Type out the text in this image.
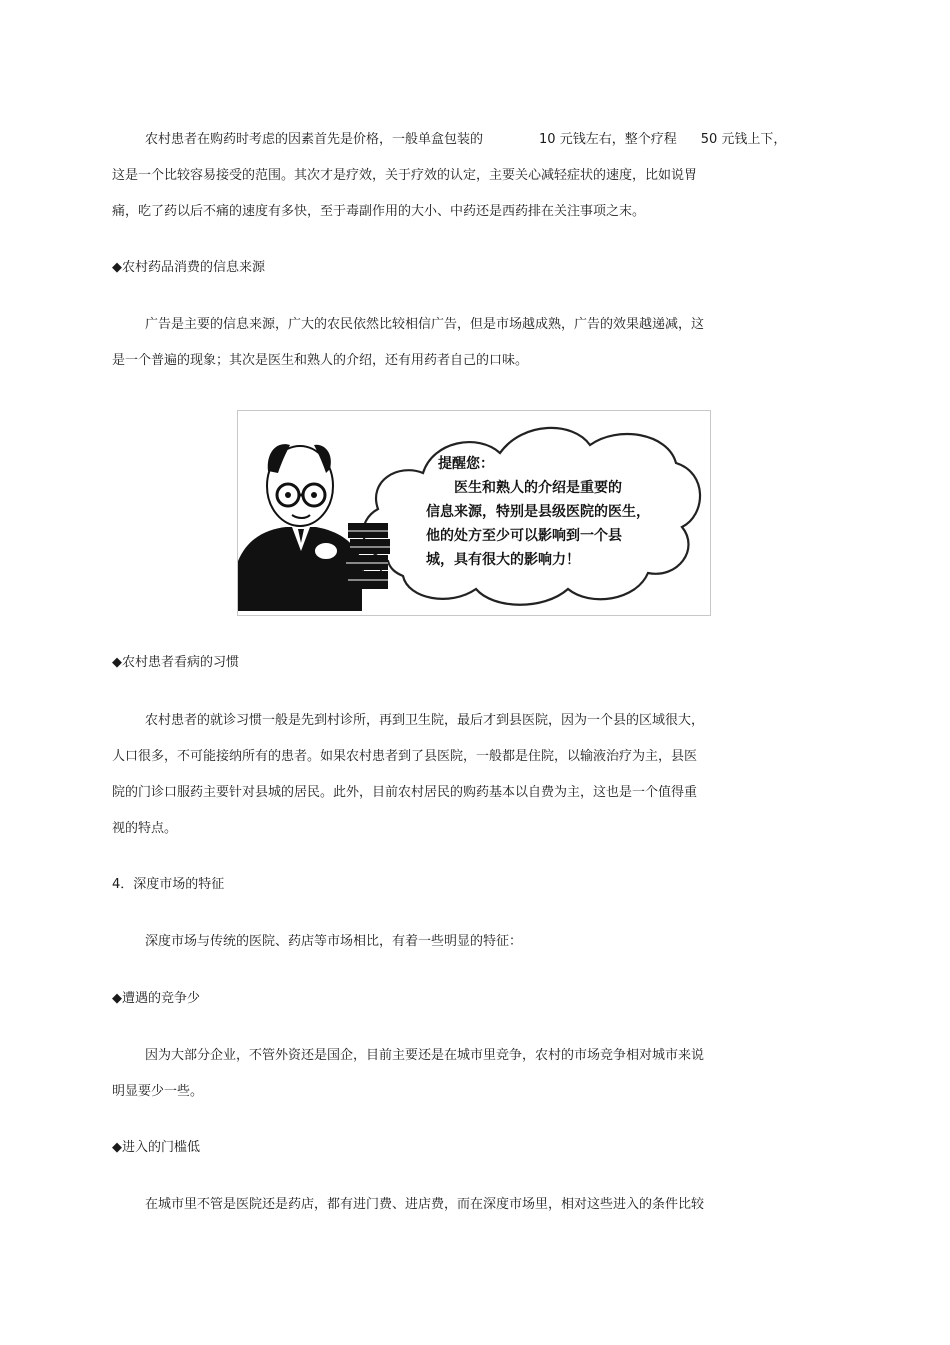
农村患者在购药时考虑的因素首先是价格，一般单盒包装的	10 元钱左右，整个疗程 50 元钱上下，
这是一个比较容易接受的范围。其次才是疗效，关于疗效的认定，主要关心减轻症状的速度，比如说胃
痛，吃了药以后不痛的速度有多快，至于毒副作用的大小、中药还是西药排在关注事项之末。
◆农村药品消费的信息来源
广告是主要的信息来源，广大的农民依然比较相信广告，但是市场越成熟，广告的效果越递减，这
是一个普遍的现象；其次是医生和熟人的介绍，还有用药者自己的口味。
提醒您：
医生和熟人的介绍是重要的
信息来源，特别是县级医院的医生，
他的处方至少可以影响到一个县
城，具有很大的影响力！
◆农村患者看病的习惯
农村患者的就诊习惯一般是先到村诊所，再到卫生院，最后才到县医院，因为一个县的区域很大，
人口很多，不可能接纳所有的患者。如果农村患者到了县医院，一般都是住院，以输液治疗为主，县医
院的门诊口服药主要针对县城的居民。此外，目前农村居民的购药基本以自费为主，这也是一个值得重
视的特点。
4．深度市场的特征
深度市场与传统的医院、药店等市场相比，有着一些明显的特征：
◆遭遇的竞争少
因为大部分企业，不管外资还是国企，目前主要还是在城市里竞争，农村的市场竞争相对城市来说
明显要少一些。
◆进入的门槛低
在城市里不管是医院还是药店，都有进门费、进店费，而在深度市场里，相对这些进入的条件比较
